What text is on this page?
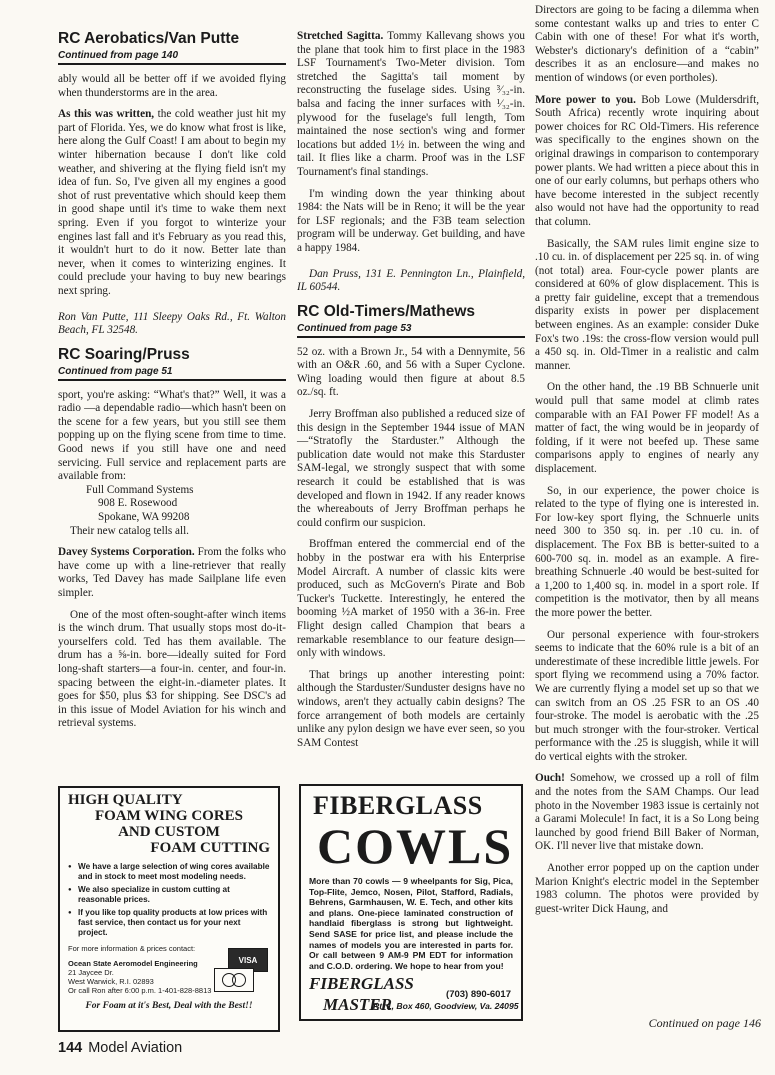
RC Aerobatics/Van Putte
Continued from page 140

ably would all be better off if we avoided flying when thunderstorms are in the area.

As this was written, the cold weather just hit my part of Florida. Yes, we do know what frost is like, here along the Gulf Coast! I am about to begin my winter hibernation because I don't like cold weather, and shivering at the flying field isn't my idea of fun. So, I've given all my engines a good shot of rust preventative which should keep them in good shape until it's time to wake them next spring. Even if you forgot to winterize your engines last fall and it's February as you read this, it wouldn't hurt to do it now. Better late than never, when it comes to winterizing engines. It could preclude your having to buy new bearings next spring.

Ron Van Putte, 111 Sleepy Oaks Rd., Ft. Walton Beach, FL 32548.

RC Soaring/Pruss
Continued from page 51

sport, you're asking: “What's that?” Well, it was a radio —a dependable radio—which hasn't been on the scene for a few years, but you still see them popping up on the flying scene from time to time. Good news if you still have one and need servicing. Full service and replacement parts are available from:

Full Command Systems
908 E. Rosewood
Spokane, WA 99208

Their new catalog tells all.

Davey Systems Corporation. From the folks who have come up with a line-retriever that really works, Ted Davey has made Sailplane life even simpler.

One of the most often-sought-after winch items is the winch drum. That usually stops most do-it-yourselfers cold. Ted has them available. The drum has a ⅝-in. bore—ideally suited for Ford long-shaft starters—a four-in. center, and four-in. spacing between the eight-in.-diameter plates. It goes for $50, plus $3 for shipping. See DSC's ad in this issue of Model Aviation for his winch and retrieval systems.

Stretched Sagitta. Tommy Kallevang shows you the plane that took him to first place in the 1983 LSF Tournament's Two-Meter division. Tom stretched the Sagitta's tail moment by reconstructing the fuselage sides. Using ³⁄₃₂-in. balsa and facing the inner surfaces with ¹⁄₃₂-in. plywood for the fuselage's full length, Tom maintained the nose section's wing and former locations but added 1½ in. between the wing and tail. It flies like a charm. Proof was in the LSF Tournament's final standings.

I'm winding down the year thinking about 1984: the Nats will be in Reno; it will be the year for LSF regionals; and the F3B team selection program will be underway. Get building, and have a happy 1984.

Dan Pruss, 131 E. Pennington Ln., Plainfield, IL 60544.

RC Old-Timers/Mathews
Continued from page 53

52 oz. with a Brown Jr., 54 with a Dennymite, 56 with an O&R .60, and 56 with a Super Cyclone. Wing loading would then figure at about 8.5 oz./sq. ft.

Jerry Broffman also published a reduced size of this design in the September 1944 issue of MAN—“Stratofly the Starduster.” Although the publication date would not make this Starduster SAM-legal, we strongly suspect that with some research it could be established that is was developed and flown in 1942. If any reader knows the whereabouts of Jerry Broffman perhaps he could confirm our suspicion.

Broffman entered the commercial end of the hobby in the postwar era with his Enterprise Model Aircraft. A number of classic kits were produced, such as McGovern's Pirate and Bob Tucker's Tuckette. Interestingly, he entered the booming ½A market of 1950 with a 36-in. Free Flight design called Champion that bears a remarkable resemblance to our feature design—only with windows.

That brings up another interesting point: although the Starduster/Sunduster designs have no windows, aren't they actually cabin designs? The force arrangement of both models are certainly unlike any pylon design we have ever seen, so you SAM Contest

Directors are going to be facing a dilemma when some contestant walks up and tries to enter C Cabin with one of these! For what it's worth, Webster's dictionary's definition of a “cabin” describes it as an enclosure—and makes no mention of windows (or even portholes).

More power to you. Bob Lowe (Muldersdrift, South Africa) recently wrote inquiring about power choices for RC Old-Timers. His reference was specifically to the engines shown on the original drawings in comparison to contemporary power plants. We had written a piece about this in one of our early columns, but perhaps others who have become interested in the subject recently also would not have had the opportunity to read that column.

Basically, the SAM rules limit engine size to .10 cu. in. of displacement per 225 sq. in. of wing (not total) area. Four-cycle power plants are considered at 60% of glow displacement. This is a pretty fair guideline, except that a tremendous disparity exists in power per displacement between engines. As an example: consider Duke Fox's two .19s: the cross-flow version would pull a 450 sq. in. Old-Timer in a realistic and calm manner.

On the other hand, the .19 BB Schnuerle unit would pull that same model at climb rates comparable with an FAI Power FF model! As a matter of fact, the wing would be in jeopardy of folding, if it were not beefed up. These same comparisons apply to engines of nearly any displacement.

So, in our experience, the power choice is related to the type of flying one is interested in. For low-key sport flying, the Schnuerle units need 300 to 350 sq. in. per .10 cu. in. of displacement. The Fox BB is better-suited to a 600-700 sq. in. model as an example. A fire-breathing Schnuerle .40 would be best-suited for a 1,200 to 1,400 sq. in. model in a sport role. If competition is the motivator, then by all means the more power the better.

Our personal experience with four-strokers seems to indicate that the 60% rule is a bit of an underestimate of these incredible little jewels. For sport flying we recommend using a 70% factor. We are currently flying a model set up so that we can switch from an OS .25 FSR to an OS .40 four-stroke. The model is aerobatic with the .25 but much stronger with the four-stroker. Vertical performance with the .25 is sluggish, while it will do vertical eights with the stroker.

Ouch! Somehow, we crossed up a roll of film and the notes from the SAM Champs. Our lead photo in the November 1983 issue is certainly not a Garami Molecule! In fact, it is a So Long being launched by good friend Bill Baker of Norman, OK. I'll never live that mistake down.

Another error popped up on the caption under Marion Knight's electric model in the September 1983 column. The photos were provided by guest-writer Dick Haung, and

Continued on page 146
HIGH QUALITY
FOAM WING CORES
AND CUSTOM
FOAM CUTTING
● We have a large selection of wing cores available and in stock to meet most modeling needs.
● We also specialize in custom cutting at reasonable prices.
● If you like top quality products at low prices with fast service, then contact us for your next project.
For more information & prices contact:
Ocean State Aeromodel Engineering
21 Jaycee Dr.
West Warwick, R.I. 02893
Or call Ron after 6:00 p.m. 1-401-828-8813
For Foam at it's Best, Deal with the Best!!
VISA
FIBERGLASS
COWLS
More than 70 cowls — 9 wheelpants for Sig, Pica, Top-Flite, Jemco, Nosen, Pilot, Stafford, Radials, Behrens, Garmhausen, W. E. Tech, and other kits and plans. One-piece laminated construction of handlaid fiberglass is strong but lightweight. Send SASE for price list, and please include the names of models you are interested in parts for. Or call between 9 AM-9 PM EDT for information and C.O.D. ordering. We hope to hear from you!
FIBERGLASS
MASTER
(703) 890-6017
Rt. 1, Box 460, Goodview, Va. 24095
144 Model Aviation
